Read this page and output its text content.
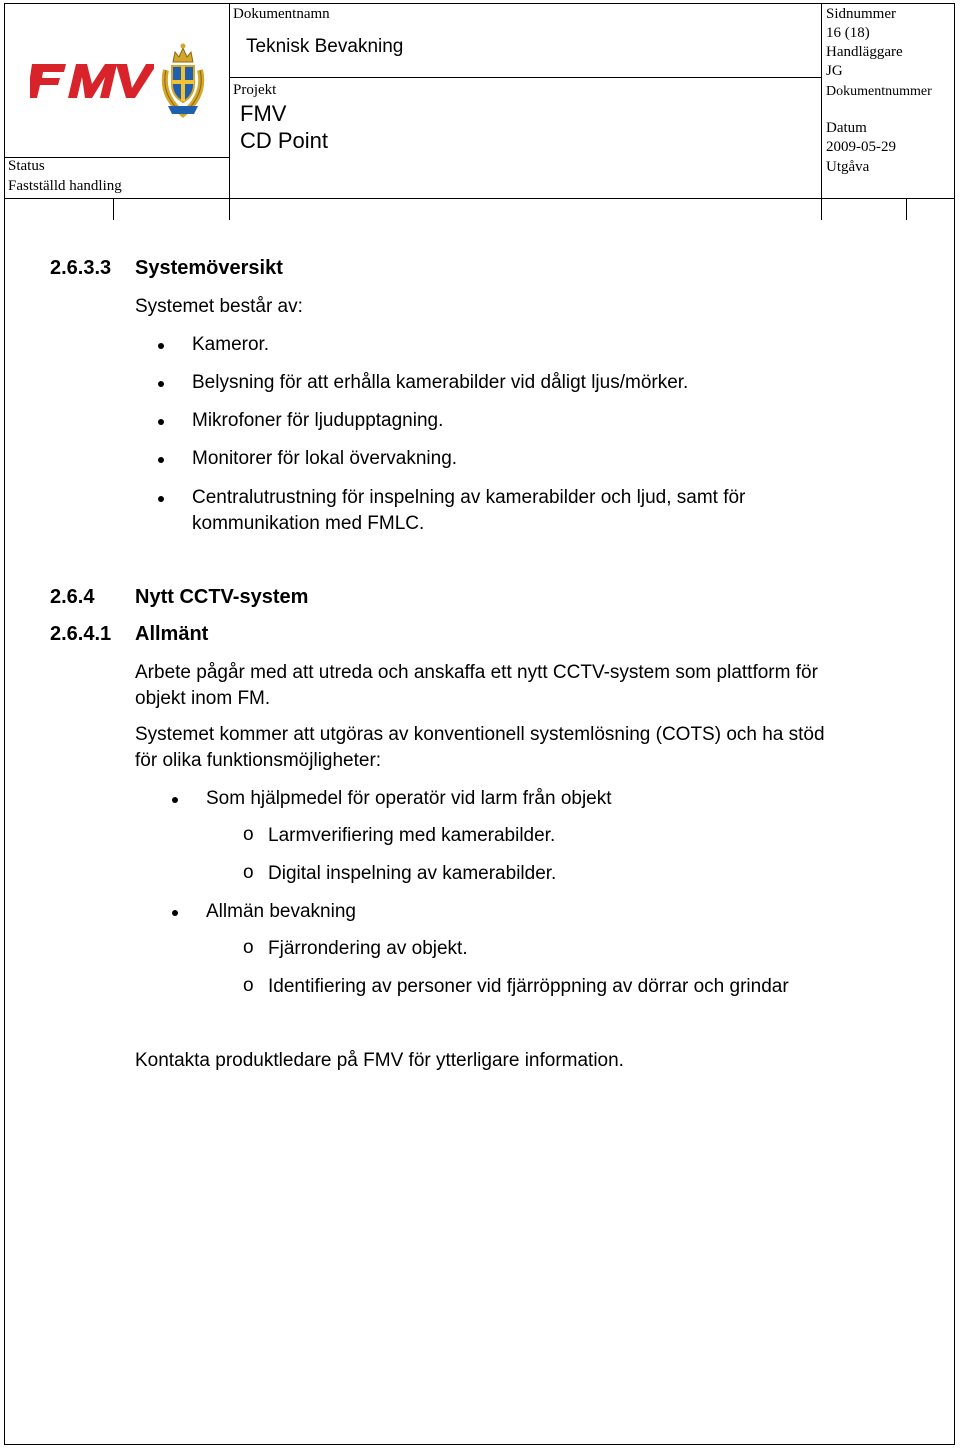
Dokumentnamn
Teknisk Bevakning
Projekt
FMV
CD Point
Status
Fastställd handling
Sidnummer
16 (18)
Handläggare
JG
Dokumentnummer
Datum
2009-05-29
Utgåva
2.6.3.3 Systemöversikt
Systemet består av:
Kameror.
Belysning för att erhålla kamerabilder vid dåligt ljus/mörker.
Mikrofoner för ljudupptagning.
Monitorer för lokal övervakning.
Centralutrustning för inspelning av kamerabilder och ljud, samt för
kommunikation med FMLC.
2.6.4 Nytt CCTV-system
2.6.4.1 Allmänt
Arbete pågår med att utreda och anskaffa ett nytt CCTV-system som plattform för
objekt inom FM.
Systemet kommer att utgöras av konventionell systemlösning (COTS) och ha stöd
för olika funktionsmöjligheter:
Som hjälpmedel för operatör vid larm från objekt
o Larmverifiering med kamerabilder.
o Digital inspelning av kamerabilder.
Allmän bevakning
o Fjärrondering av objekt.
o Identifiering av personer vid fjärröppning av dörrar och grindar
Kontakta produktledare på FMV för ytterligare information.
